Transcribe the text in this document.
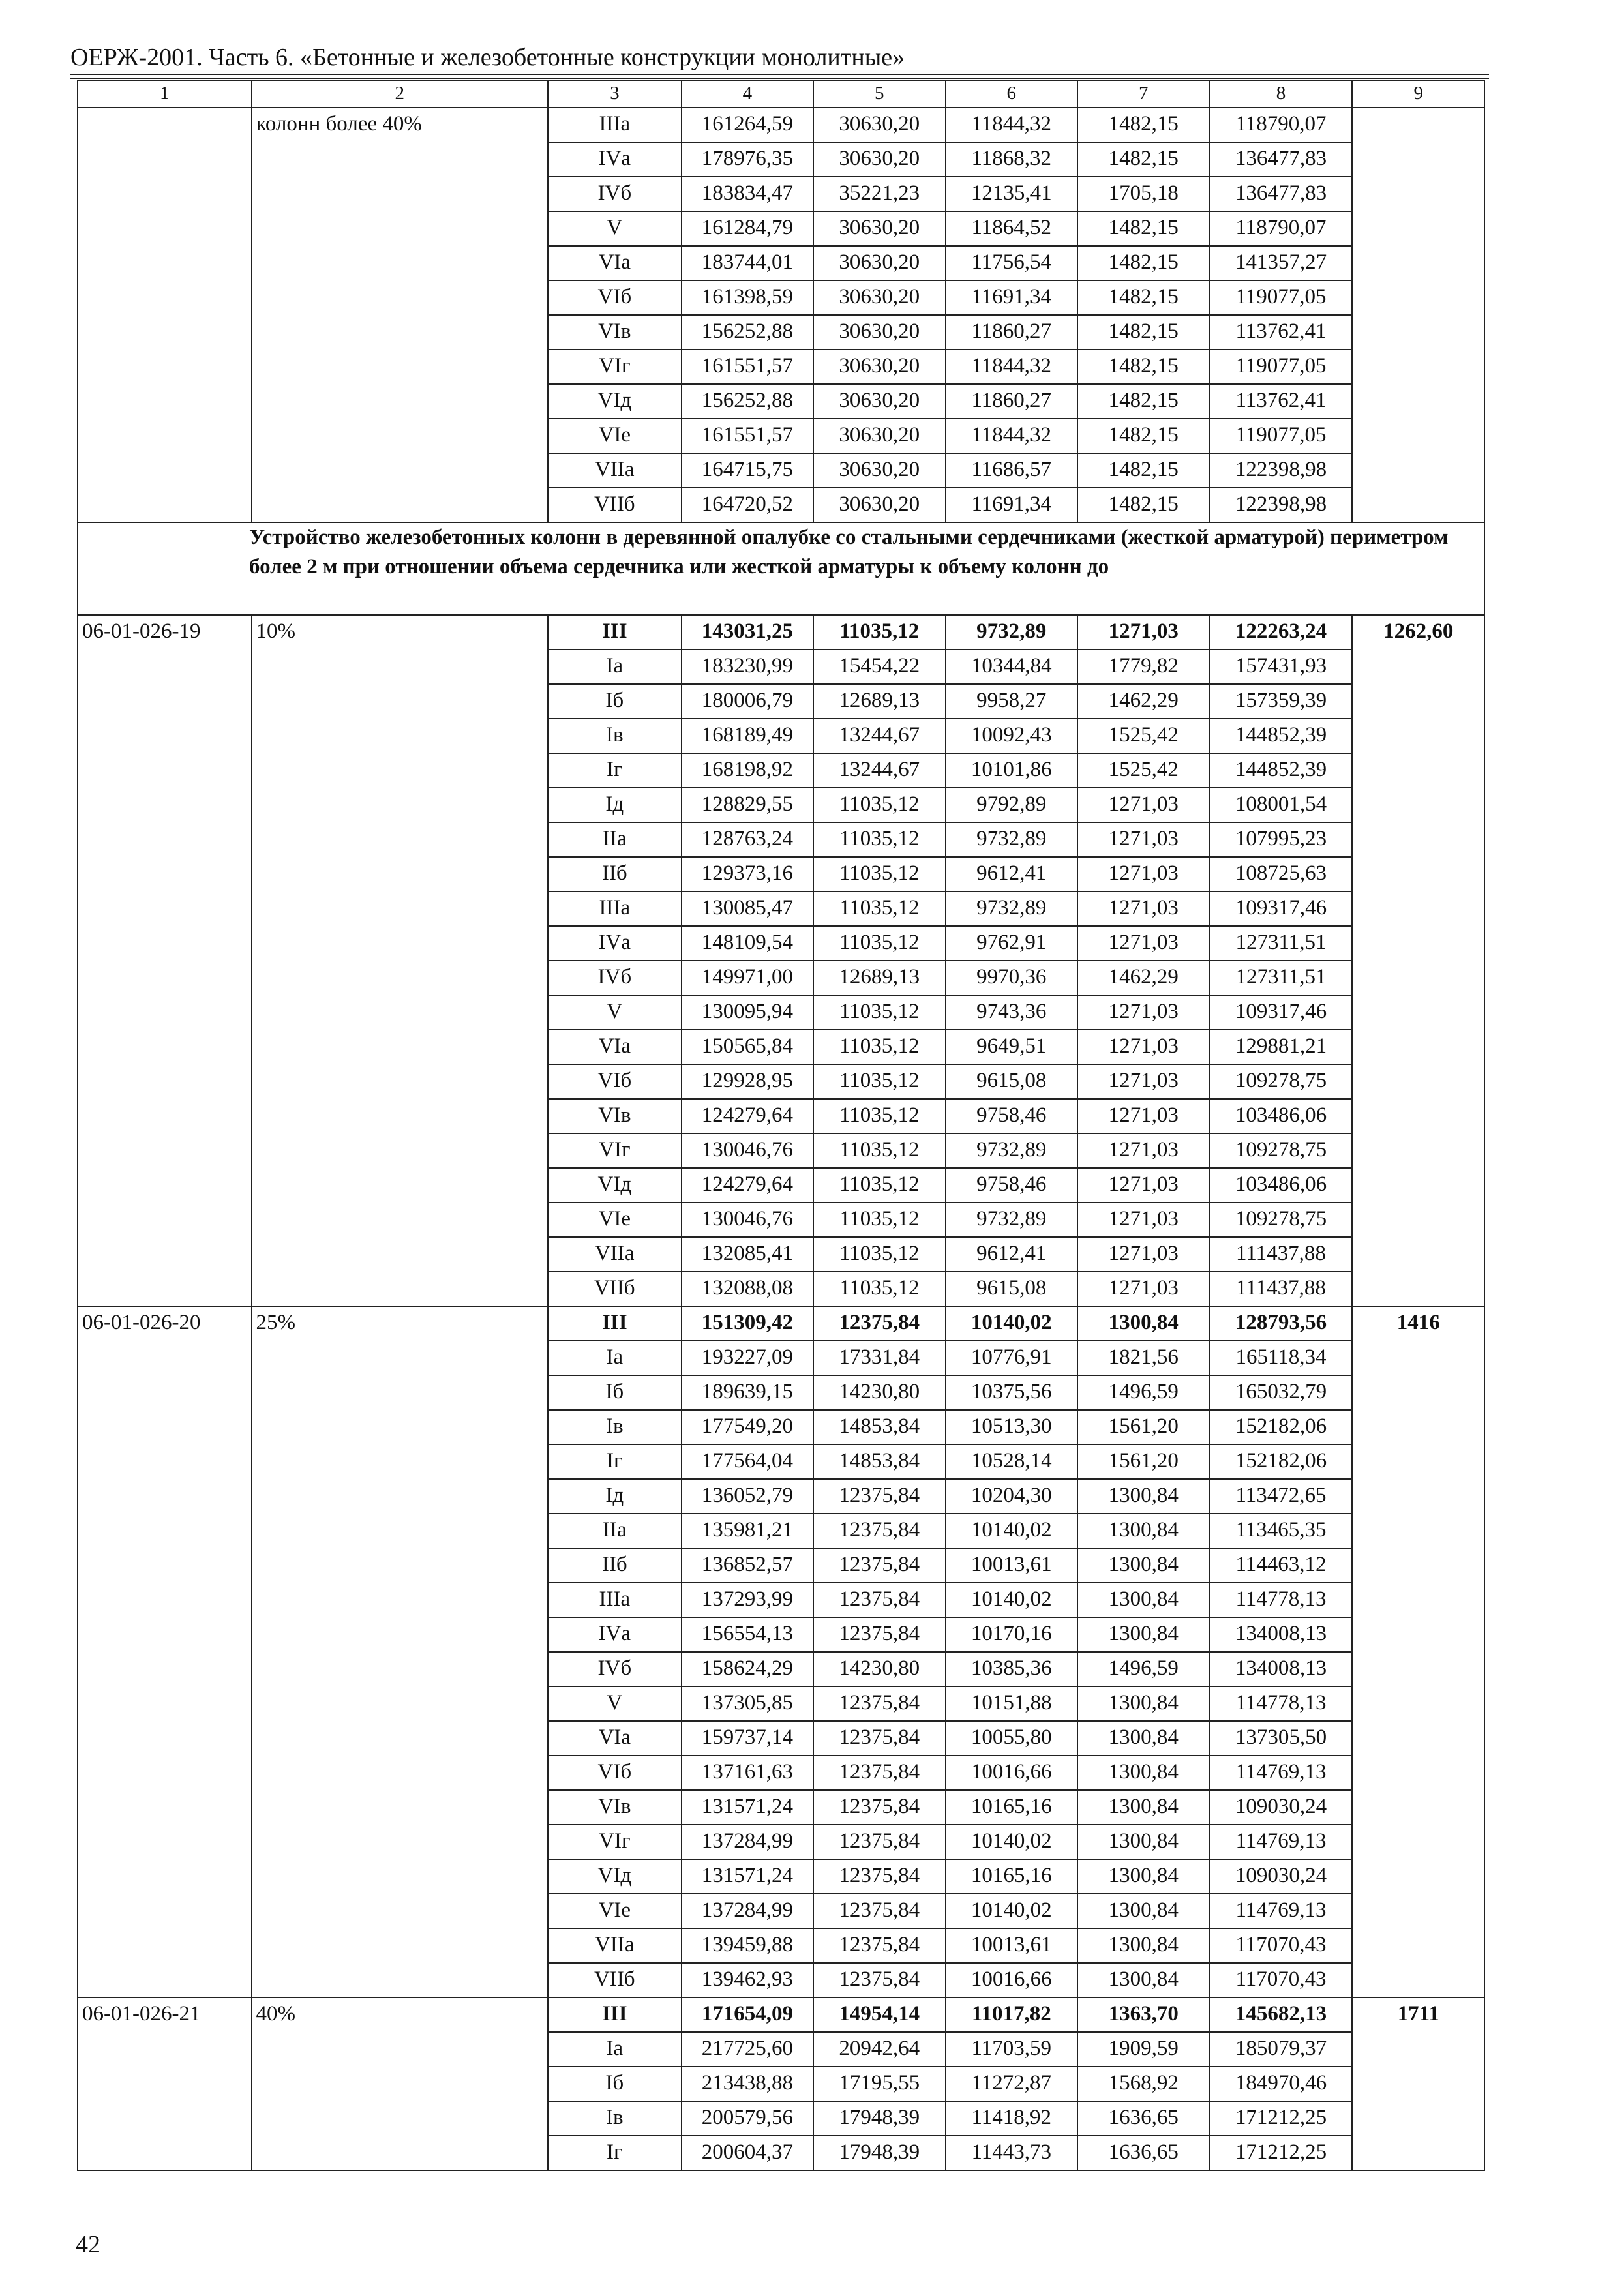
ОЕРЖ-2001. Часть 6. «Бетонные и железобетонные конструкции монолитные»
1	2	3	4	5	6	7	8	9
	колонн более 40%	IIIа	161264,59	30630,20	11844,32	1482,15	118790,07	
		IVа	178976,35	30630,20	11868,32	1482,15	136477,83	
		IVб	183834,47	35221,23	12135,41	1705,18	136477,83	
		V	161284,79	30630,20	11864,52	1482,15	118790,07	
		VIа	183744,01	30630,20	11756,54	1482,15	141357,27	
		VIб	161398,59	30630,20	11691,34	1482,15	119077,05	
		VIв	156252,88	30630,20	11860,27	1482,15	113762,41	
		VIг	161551,57	30630,20	11844,32	1482,15	119077,05	
		VIд	156252,88	30630,20	11860,27	1482,15	113762,41	
		VIе	161551,57	30630,20	11844,32	1482,15	119077,05	
		VIIа	164715,75	30630,20	11686,57	1482,15	122398,98	
		VIIб	164720,52	30630,20	11691,34	1482,15	122398,98	
Устройство железобетонных колонн в деревянной опалубке со стальными сердечниками (жесткой арматурой) периметром более 2 м при отношении объема сердечника или жесткой арматуры к объему колонн до								
06-01-026-19	10%	III	143031,25	11035,12	9732,89	1271,03	122263,24	1262,60
		Iа	183230,99	15454,22	10344,84	1779,82	157431,93	
		Iб	180006,79	12689,13	9958,27	1462,29	157359,39	
		Iв	168189,49	13244,67	10092,43	1525,42	144852,39	
		Iг	168198,92	13244,67	10101,86	1525,42	144852,39	
		Iд	128829,55	11035,12	9792,89	1271,03	108001,54	
		IIа	128763,24	11035,12	9732,89	1271,03	107995,23	
		IIб	129373,16	11035,12	9612,41	1271,03	108725,63	
		IIIа	130085,47	11035,12	9732,89	1271,03	109317,46	
		IVа	148109,54	11035,12	9762,91	1271,03	127311,51	
		IVб	149971,00	12689,13	9970,36	1462,29	127311,51	
		V	130095,94	11035,12	9743,36	1271,03	109317,46	
		VIа	150565,84	11035,12	9649,51	1271,03	129881,21	
		VIб	129928,95	11035,12	9615,08	1271,03	109278,75	
		VIв	124279,64	11035,12	9758,46	1271,03	103486,06	
		VIг	130046,76	11035,12	9732,89	1271,03	109278,75	
		VIд	124279,64	11035,12	9758,46	1271,03	103486,06	
		VIе	130046,76	11035,12	9732,89	1271,03	109278,75	
		VIIа	132085,41	11035,12	9612,41	1271,03	111437,88	
		VIIб	132088,08	11035,12	9615,08	1271,03	111437,88	
06-01-026-20	25%	III	151309,42	12375,84	10140,02	1300,84	128793,56	1416
		Iа	193227,09	17331,84	10776,91	1821,56	165118,34	
		Iб	189639,15	14230,80	10375,56	1496,59	165032,79	
		Iв	177549,20	14853,84	10513,30	1561,20	152182,06	
		Iг	177564,04	14853,84	10528,14	1561,20	152182,06	
		Iд	136052,79	12375,84	10204,30	1300,84	113472,65	
		IIа	135981,21	12375,84	10140,02	1300,84	113465,35	
		IIб	136852,57	12375,84	10013,61	1300,84	114463,12	
		IIIа	137293,99	12375,84	10140,02	1300,84	114778,13	
		IVа	156554,13	12375,84	10170,16	1300,84	134008,13	
		IVб	158624,29	14230,80	10385,36	1496,59	134008,13	
		V	137305,85	12375,84	10151,88	1300,84	114778,13	
		VIа	159737,14	12375,84	10055,80	1300,84	137305,50	
		VIб	137161,63	12375,84	10016,66	1300,84	114769,13	
		VIв	131571,24	12375,84	10165,16	1300,84	109030,24	
		VIг	137284,99	12375,84	10140,02	1300,84	114769,13	
		VIд	131571,24	12375,84	10165,16	1300,84	109030,24	
		VIе	137284,99	12375,84	10140,02	1300,84	114769,13	
		VIIа	139459,88	12375,84	10013,61	1300,84	117070,43	
		VIIб	139462,93	12375,84	10016,66	1300,84	117070,43	
06-01-026-21	40%	III	171654,09	14954,14	11017,82	1363,70	145682,13	1711
		Iа	217725,60	20942,64	11703,59	1909,59	185079,37	
		Iб	213438,88	17195,55	11272,87	1568,92	184970,46	
		Iв	200579,56	17948,39	11418,92	1636,65	171212,25	
		Iг	200604,37	17948,39	11443,73	1636,65	171212,25	
42
